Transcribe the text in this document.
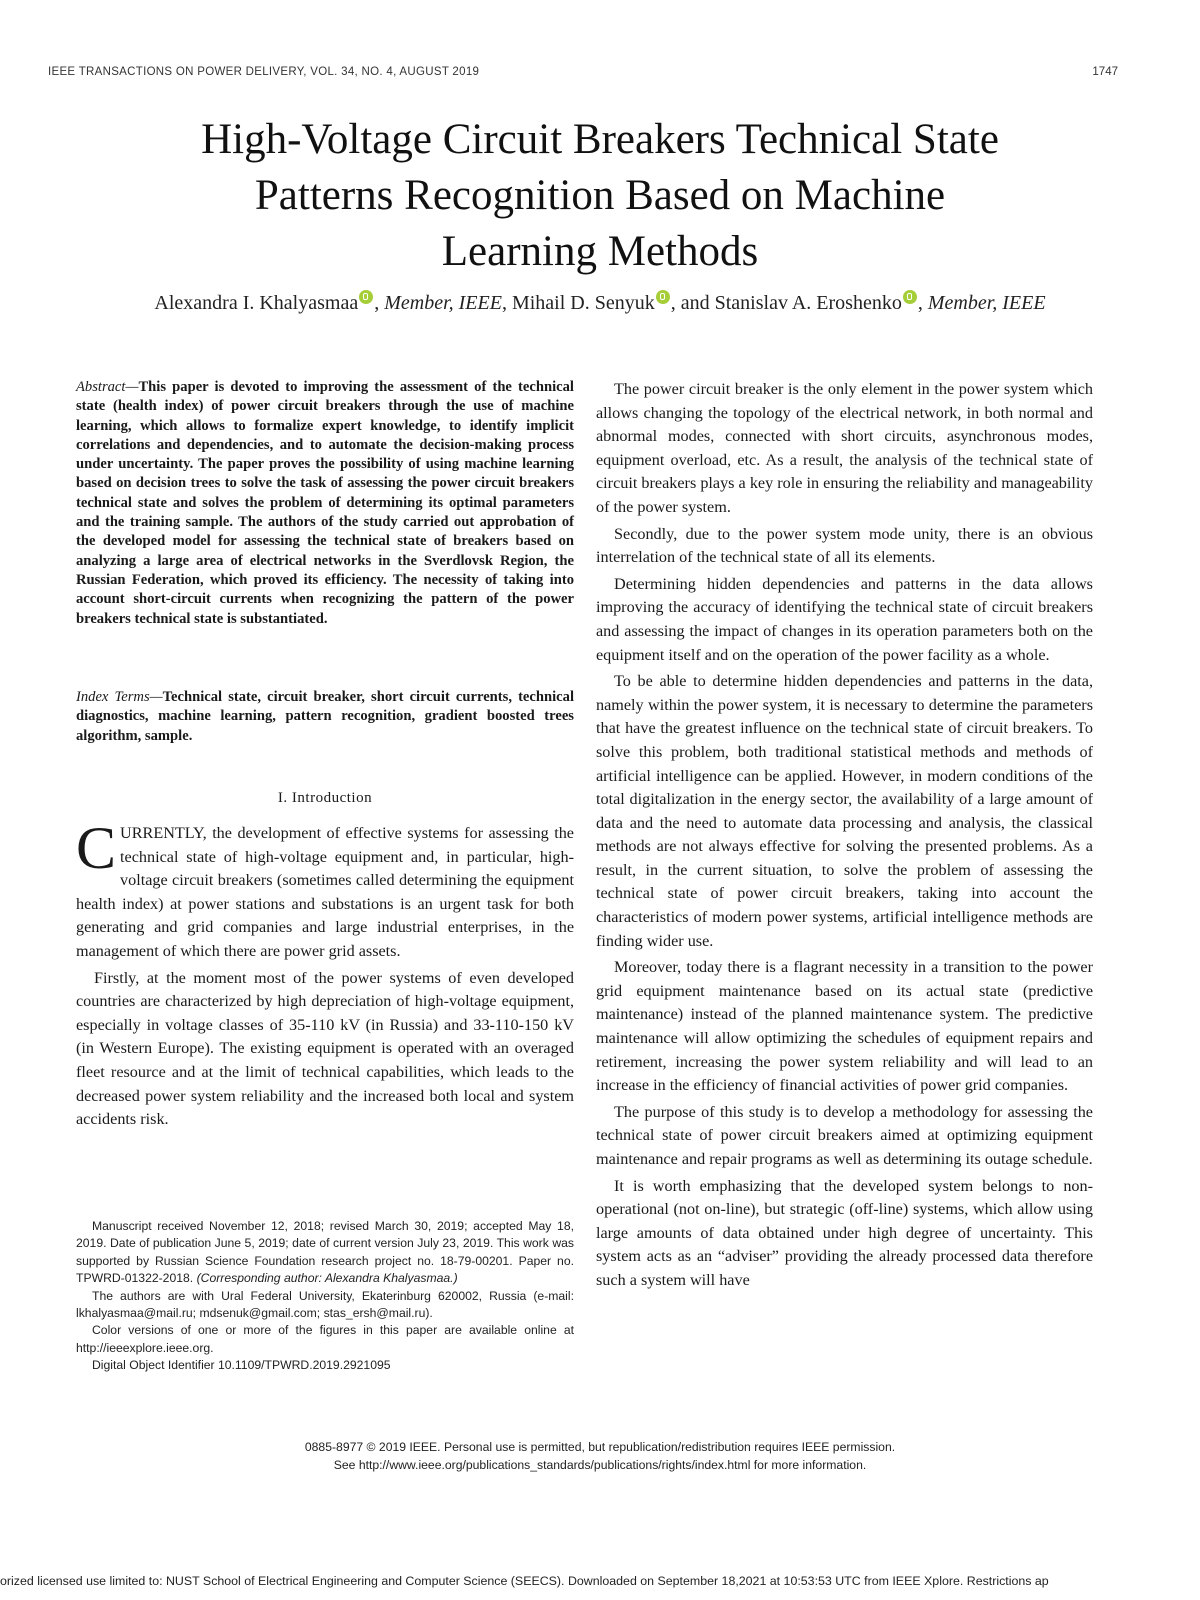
IEEE TRANSACTIONS ON POWER DELIVERY, VOL. 34, NO. 4, AUGUST 2019	1747
High-Voltage Circuit Breakers Technical State
Patterns Recognition Based on Machine
Learning Methods
Alexandra I. Khalyasmaa , Member, IEEE, Mihail D. Senyuk , and Stanislav A. Eroshenko , Member, IEEE
Abstract—This paper is devoted to improving the assessment of the technical state (health index) of power circuit breakers through the use of machine learning, which allows to formalize expert knowledge, to identify implicit correlations and dependencies, and to automate the decision-making process under uncertainty. The paper proves the possibility of using machine learning based on decision trees to solve the task of assessing the power circuit breakers technical state and solves the problem of determining its optimal parameters and the training sample. The authors of the study carried out approbation of the developed model for assessing the technical state of breakers based on analyzing a large area of electrical networks in the Sverdlovsk Region, the Russian Federation, which proved its efficiency. The necessity of taking into account short-circuit currents when recognizing the pattern of the power breakers technical state is substantiated.
Index Terms—Technical state, circuit breaker, short circuit currents, technical diagnostics, machine learning, pattern recognition, gradient boosted trees algorithm, sample.
I. Introduction

CURRENTLY, the development of effective systems for assessing the technical state of high-voltage equipment and, in particular, high-voltage circuit breakers (sometimes called determining the equipment health index) at power stations and substations is an urgent task for both generating and grid companies and large industrial enterprises, in the management of which there are power grid assets.

Firstly, at the moment most of the power systems of even developed countries are characterized by high depreciation of high-voltage equipment, especially in voltage classes of 35-110 kV (in Russia) and 33-110-150 kV (in Western Europe). The existing equipment is operated with an overaged fleet resource and at the limit of technical capabilities, which leads to the decreased power system reliability and the increased both local and system accidents risk.

The power circuit breaker is the only element in the power system which allows changing the topology of the electrical network, in both normal and abnormal modes, connected with short circuits, asynchronous modes, equipment overload, etc. As a result, the analysis of the technical state of circuit breakers plays a key role in ensuring the reliability and manageability of the power system.

Secondly, due to the power system mode unity, there is an obvious interrelation of the technical state of all its elements.

Determining hidden dependencies and patterns in the data allows improving the accuracy of identifying the technical state of circuit breakers and assessing the impact of changes in its operation parameters both on the equipment itself and on the operation of the power facility as a whole.

To be able to determine hidden dependencies and patterns in the data, namely within the power system, it is necessary to determine the parameters that have the greatest influence on the technical state of circuit breakers. To solve this problem, both traditional statistical methods and methods of artificial intelligence can be applied. However, in modern conditions of the total digitalization in the energy sector, the availability of a large amount of data and the need to automate data processing and analysis, the classical methods are not always effective for solving the presented problems. As a result, in the current situation, to solve the problem of assessing the technical state of power circuit breakers, taking into account the characteristics of modern power systems, artificial intelligence methods are finding wider use.

Moreover, today there is a flagrant necessity in a transition to the power grid equipment maintenance based on its actual state (predictive maintenance) instead of the planned maintenance system. The predictive maintenance will allow optimizing the schedules of equipment repairs and retirement, increasing the power system reliability and will lead to an increase in the efficiency of financial activities of power grid companies.

The purpose of this study is to develop a methodology for assessing the technical state of power circuit breakers aimed at optimizing equipment maintenance and repair programs as well as determining its outage schedule.

It is worth emphasizing that the developed system belongs to non-operational (not on-line), but strategic (off-line) systems, which allow using large amounts of data obtained under high degree of uncertainty. This system acts as an “adviser” providing the already processed data therefore such a system will have

Manuscript received November 12, 2018; revised March 30, 2019; accepted May 18, 2019. Date of publication June 5, 2019; date of current version July 23, 2019. This work was supported by Russian Science Foundation research project no. 18-79-00201. Paper no. TPWRD-01322-2018. (Corresponding author: Alexandra Khalyasmaa.)

The authors are with Ural Federal University, Ekaterinburg 620002, Russia (e-mail: lkhalyasmaa@mail.ru; mdsenuk@gmail.com; stas_ersh@mail.ru).

Color versions of one or more of the figures in this paper are available online at http://ieeexplore.ieee.org.

Digital Object Identifier 10.1109/TPWRD.2019.2921095

0885-8977 © 2019 IEEE. Personal use is permitted, but republication/redistribution requires IEEE permission.
See http://www.ieee.org/publications_standards/publications/rights/index.html for more information.
orized licensed use limited to: NUST School of Electrical Engineering and Computer Science (SEECS). Downloaded on September 18,2021 at 10:53:53 UTC from IEEE Xplore. Restrictions ap
